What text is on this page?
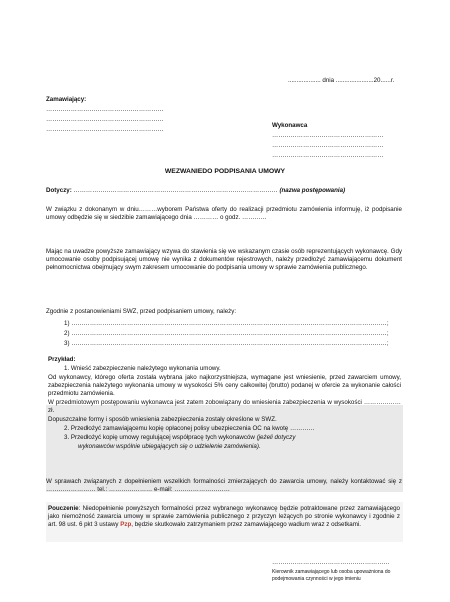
................... dnia ......................20......r.
Zamawiający:
…………………………………………………
…………………………………………………
…………………………………………………
Wykonawca
………………………………………………
………………………………………………
………………………………………………
WEZWANIEDO PODPISANIA UMOWY
Dotyczy: ……………………………………………………………………………………… (nazwa postępowania)
W związku z dokonanym w dniu………wyborem Państwa oferty do realizacji przedmiotu zamówienia informuję, iż podpisanie umowy odbędzie się w siedzibie zamawiającego dnia ………… o godz. …………
Mając na uwadze powyższe zamawiający wzywa do stawienia się we wskazanym czasie osób reprezentujących wykonawcę. Gdy umocowanie osoby podpisującej umowę nie wynika z dokumentów rejestrowych, należy przedłożyć zamawiającemu dokument pełnomocnictwa obejmujący swym zakresem umocowanie do podpisania umowy w sprawie zamówienia publicznego.
Zgodnie z postanowieniami SWZ, przed podpisaniem umowy, należy:
1) ………………………………………………………………………………………………………………………………………;
2) ………………………………………………………………………………………………………………………………………;
3) ………………………………………………………………………………………………………………………………………;
Przykład:
1. Wnieść zabezpieczenie należytego wykonania umowy.
Od wykonawcy, którego oferta została wybrana jako najkorzystniejsza, wymagane jest wniesienie, przed zawarciem umowy, zabezpieczenia należytego wykonania umowy w wysokości 5% ceny całkowitej (brutto) podanej w ofercie za wykonanie całości przedmiotu zamówienia.
W przedmiotowym postępowaniu wykonawca jest zatem zobowiązany do wniesienia zabezpieczenia w wysokości ……………… zł.
Dopuszczalne formy i sposób wniesienia zabezpieczenia zostały określone w SWZ.
2. Przedłożyć zamawiającemu kopię opłaconej polisy ubezpieczenia OC na kwotę …………
3. Przedłożyć kopię umowy regulującej współpracę tych wykonawców (jeżeli dotyczy
wykonawców wspólnie ubiegających się o udzielenie zamówienia).
W sprawach związanych z dopełnieniem wszelkich formalności zmierzających do zawarcia umowy, należy kontaktować się z …………………… tel.: ………………… e-mail: ………………………
Pouczenie: Niedopełnienie powyższych formalności przez wybranego wykonawcę będzie potraktowane przez zamawiającego jako niemożność zawarcia umowy w sprawie zamówienia publicznego z przyczyn leżących po stronie wykonawcy i zgodnie z art. 98 ust. 6 pkt 3 ustawy Pzp, będzie skutkowało zatrzymaniem przez zamawiającego wadium wraz z odsetkami.
…………………………………………………
Kierownik zamawiającego lub osoba upoważniona do
podejmowania czynności w jego imieniu
